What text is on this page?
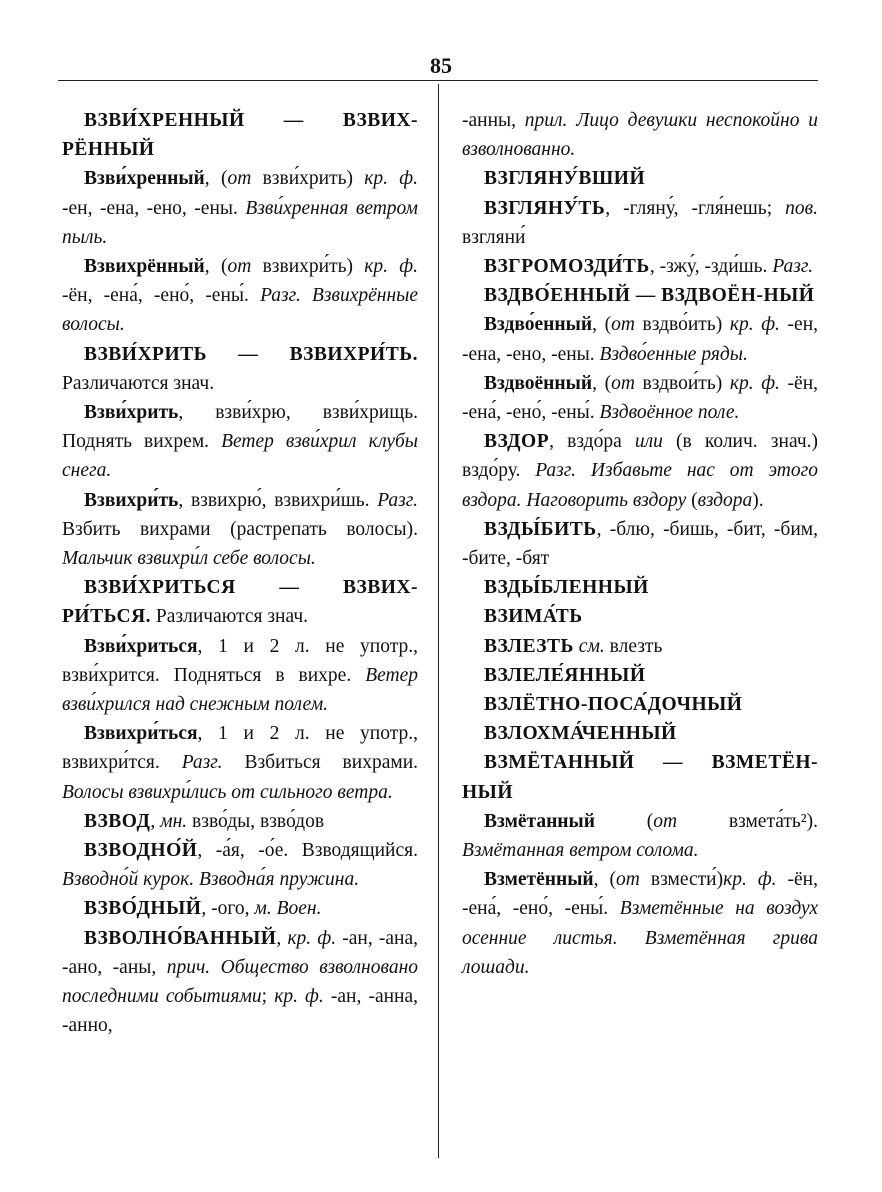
85
ВЗВИ́ХРЕННЫЙ — ВЗВИХ-РЁННЫЙ
Взви́хренный, (от взви́хрить) кр. ф. -ен, -ена, -ено, -ены. Взви́хренная ветром пыль.
Взвихрённый, (от взвихри́ть) кр. ф. -ён, -ена́, -ено́, -ены́. Разг. Взвихрённые волосы.
ВЗВИ́ХРИТЬ — ВЗВИХРИ́ТЬ. Различаются знач.
Взви́хрить, взви́хрю, взви́хрищь. Поднять вихрем. Ветер взви́хрил клубы снега.
Взвихри́ть, взвихрю́, взвихри́шь. Разг. Взбить вихрами (растрепать волосы). Мальчик взвихри́л себе волосы.
ВЗВИ́ХРИТЬСЯ — ВЗВИХ-РИ́ТЬСЯ. Различаются знач.
Взви́хриться, 1 и 2 л. не употр., взви́хрится. Подняться в вихре. Ветер взви́хрился над снежным полем.
Взвихри́ться, 1 и 2 л. не употр., взвихри́тся. Разг. Взбиться вихрами. Волосы взвихри́лись от сильного ветра.
ВЗВОД, мн. взво́ды, взво́дов
ВЗВОДНО́Й, -а́я, -о́е. Взводящийся. Взводно́й курок. Взводна́я пружина.
ВЗВО́ДНЫЙ, -ого, м. Воен.
ВЗВОЛНО́ВАННЫЙ, кр. ф. -ан, -ана, -ано, -аны, прич. Общество взволновано последними событиями; кр. ф. -ан, -анна, -анно,
-анны, прил. Лицо девушки неспокойно и взволнованно.
ВЗГЛЯНУ́ВШИЙ
ВЗГЛЯНУ́ТЬ, -гляну́, -гля́нешь; пов. взгляни́
ВЗГРОМОЗДИ́ТЬ, -зжу́, -зди́шь. Разг.
ВЗДВО́ЕННЫЙ — ВЗДВОЁН-НЫЙ
Вздво́енный, (от вздво́ить) кр. ф. -ен, -ена, -ено, -ены. Вздво́енные ряды.
Вздвоённый, (от вздвои́ть) кр. ф. -ён, -ена́, -ено́, -ены́. Вздвоённое поле.
ВЗДОР, вздо́ра или (в колич. знач.) вздо́ру. Разг. Избавьте нас от этого вздора. Наговорить вздору (вздора).
ВЗДЫ́БИТЬ, -блю, -бишь, -бит, -бим, -бите, -бят
ВЗДЫ́БЛЕННЫЙ
ВЗИМА́ТЬ
ВЗЛЕЗТЬ см. влезть
ВЗЛЕЛЕ́ЯННЫЙ
ВЗЛЁТНО-ПОСА́ДОЧНЫЙ
ВЗЛОХМА́ЧЕННЫЙ
ВЗМЁТАННЫЙ — ВЗМЕТЁН-НЫЙ
Взмётанный (от взмета́ть²). Взмётанная ветром солома.
Взметённый, (от взмести́)кр. ф. -ён, -ена́, -ено́, -ены́. Взметённые на воздух осенние листья. Взметённая грива лошади.
